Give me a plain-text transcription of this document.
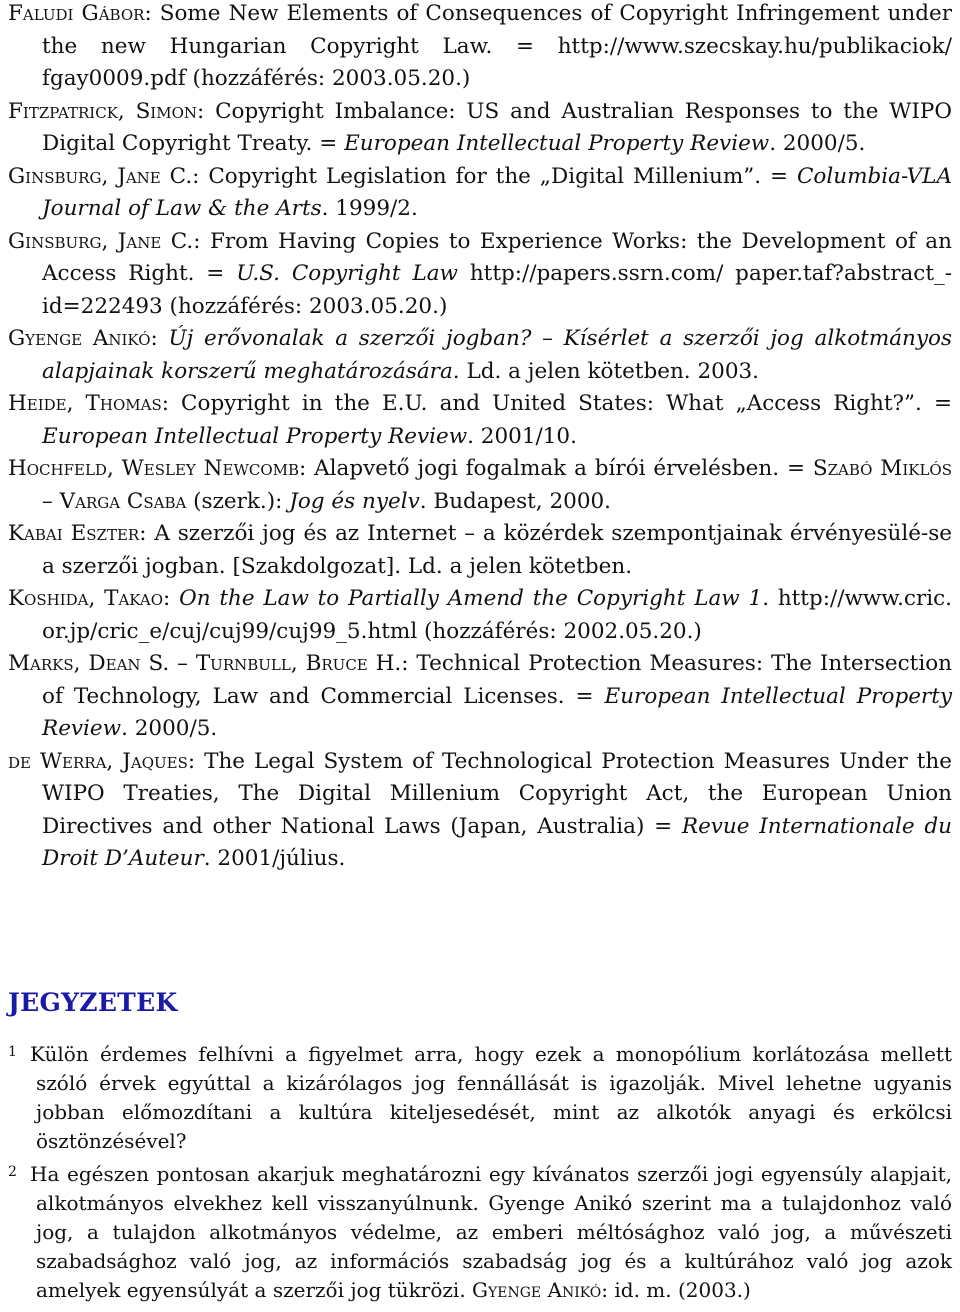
Faludi Gábor: Some New Elements of Consequences of Copyright Infringement under the new Hungarian Copyright Law. = http://www.szecskay.hu/publikaciok/ fgay0009.pdf (hozzáférés: 2003.05.20.)

Fitzpatrick, Simon: Copyright Imbalance: US and Australian Responses to the WIPO Digital Copyright Treaty. = European Intellectual Property Review. 2000/5.

Ginsburg, Jane C.: Copyright Legislation for the „Digital Millenium”. = Columbia-VLA Journal of Law & the Arts. 1999/2.

Ginsburg, Jane C.: From Having Copies to Experience Works: the Development of an Access Right. = U.S. Copyright Law http://papers.ssrn.com/ paper.taf?abstract_-id=222493 (hozzáférés: 2003.05.20.)

Gyenge Anikó: Új erővonalak a szerzői jogban? – Kísérlet a szerzői jog alkotmányos alapjainak korszerű meghatározására. Ld. a jelen kötetben. 2003.

Heide, Thomas: Copyright in the E.U. and United States: What „Access Right?”. = European Intellectual Property Review. 2001/10.

Hochfeld, Wesley Newcomb: Alapvető jogi fogalmak a bírói érvelésben. = Szabó Miklós – Varga Csaba (szerk.): Jog és nyelv. Budapest, 2000.

Kabai Eszter: A szerzői jog és az Internet – a közérdek szempontjainak érvényesülé-se a szerzői jogban. [Szakdolgozat]. Ld. a jelen kötetben.

Koshida, Takao: On the Law to Partially Amend the Copyright Law 1. http://www.cric. or.jp/cric_e/cuj/cuj99/cuj99_5.html (hozzáférés: 2002.05.20.)

Marks, Dean S. – Turnbull, Bruce H.: Technical Protection Measures: The Intersection of Technology, Law and Commercial Licenses. = European Intellectual Property Review. 2000/5.

de Werra, Jaques: The Legal System of Technological Protection Measures Under the WIPO Treaties, The Digital Millenium Copyright Act, the European Union Directives and other National Laws (Japan, Australia) = Revue Internationale du Droit D’Auteur. 2001/július.

JEGYZETEK

1 Külön érdemes felhívni a figyelmet arra, hogy ezek a monopólium korlátozása mellett szóló érvek egyúttal a kizárólagos jog fennállását is igazolják. Mivel lehetne ugyanis jobban előmozdítani a kultúra kiteljesedését, mint az alkotók anyagi és erkölcsi ösztönzésével?

2 Ha egészen pontosan akarjuk meghatározni egy kívánatos szerzői jogi egyensúly alapjait, alkotmányos elvekhez kell visszanyúlnunk. Gyenge Anikó szerint ma a tulajdonhoz való jog, a tulajdon alkotmányos védelme, az emberi méltósághoz való jog, a művészeti szabadsághoz való jog, az információs szabadság jog és a kultúrához való jog azok amelyek egyensúlyát a szerzői jog tükrözi. Gyenge Anikó: id. m. (2003.)
